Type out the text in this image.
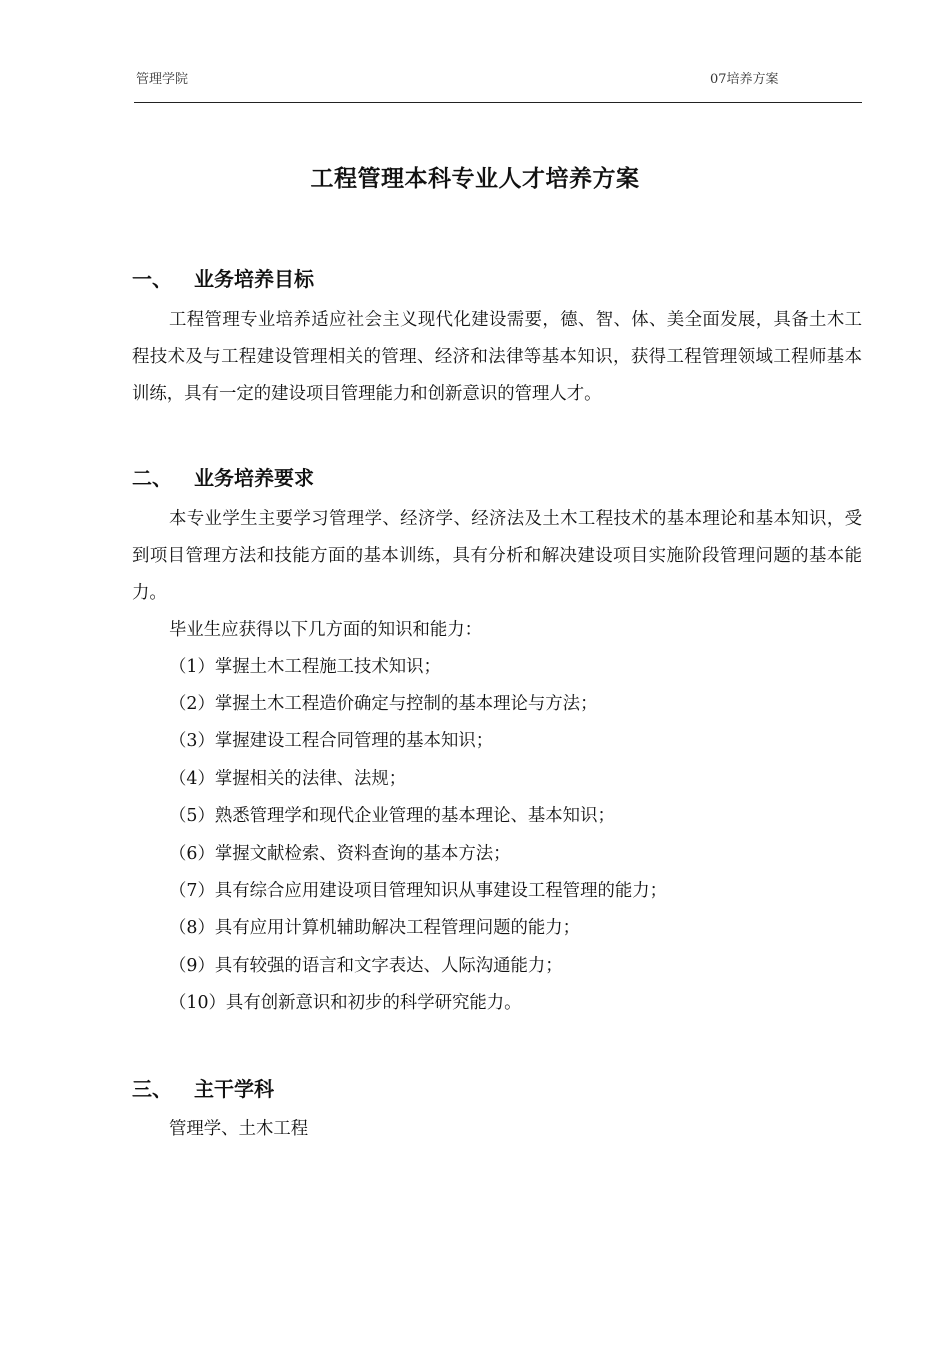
管理学院	07培养方案
工程管理本科专业人才培养方案
一、 业务培养目标
工程管理专业培养适应社会主义现代化建设需要，德、智、体、美全面发展，具备土木工程技术及与工程建设管理相关的管理、经济和法律等基本知识，获得工程管理领域工程师基本训练，具有一定的建设项目管理能力和创新意识的管理人才。
二、 业务培养要求
本专业学生主要学习管理学、经济学、经济法及土木工程技术的基本理论和基本知识，受到项目管理方法和技能方面的基本训练，具有分析和解决建设项目实施阶段管理问题的基本能力。
毕业生应获得以下几方面的知识和能力：
（1）掌握土木工程施工技术知识；
（2）掌握土木工程造价确定与控制的基本理论与方法；
（3）掌握建设工程合同管理的基本知识；
（4）掌握相关的法律、法规；
（5）熟悉管理学和现代企业管理的基本理论、基本知识；
（6）掌握文献检索、资料查询的基本方法；
（7）具有综合应用建设项目管理知识从事建设工程管理的能力；
（8）具有应用计算机辅助解决工程管理问题的能力；
（9）具有较强的语言和文字表达、人际沟通能力；
（10）具有创新意识和初步的科学研究能力。
三、 主干学科
管理学、土木工程
